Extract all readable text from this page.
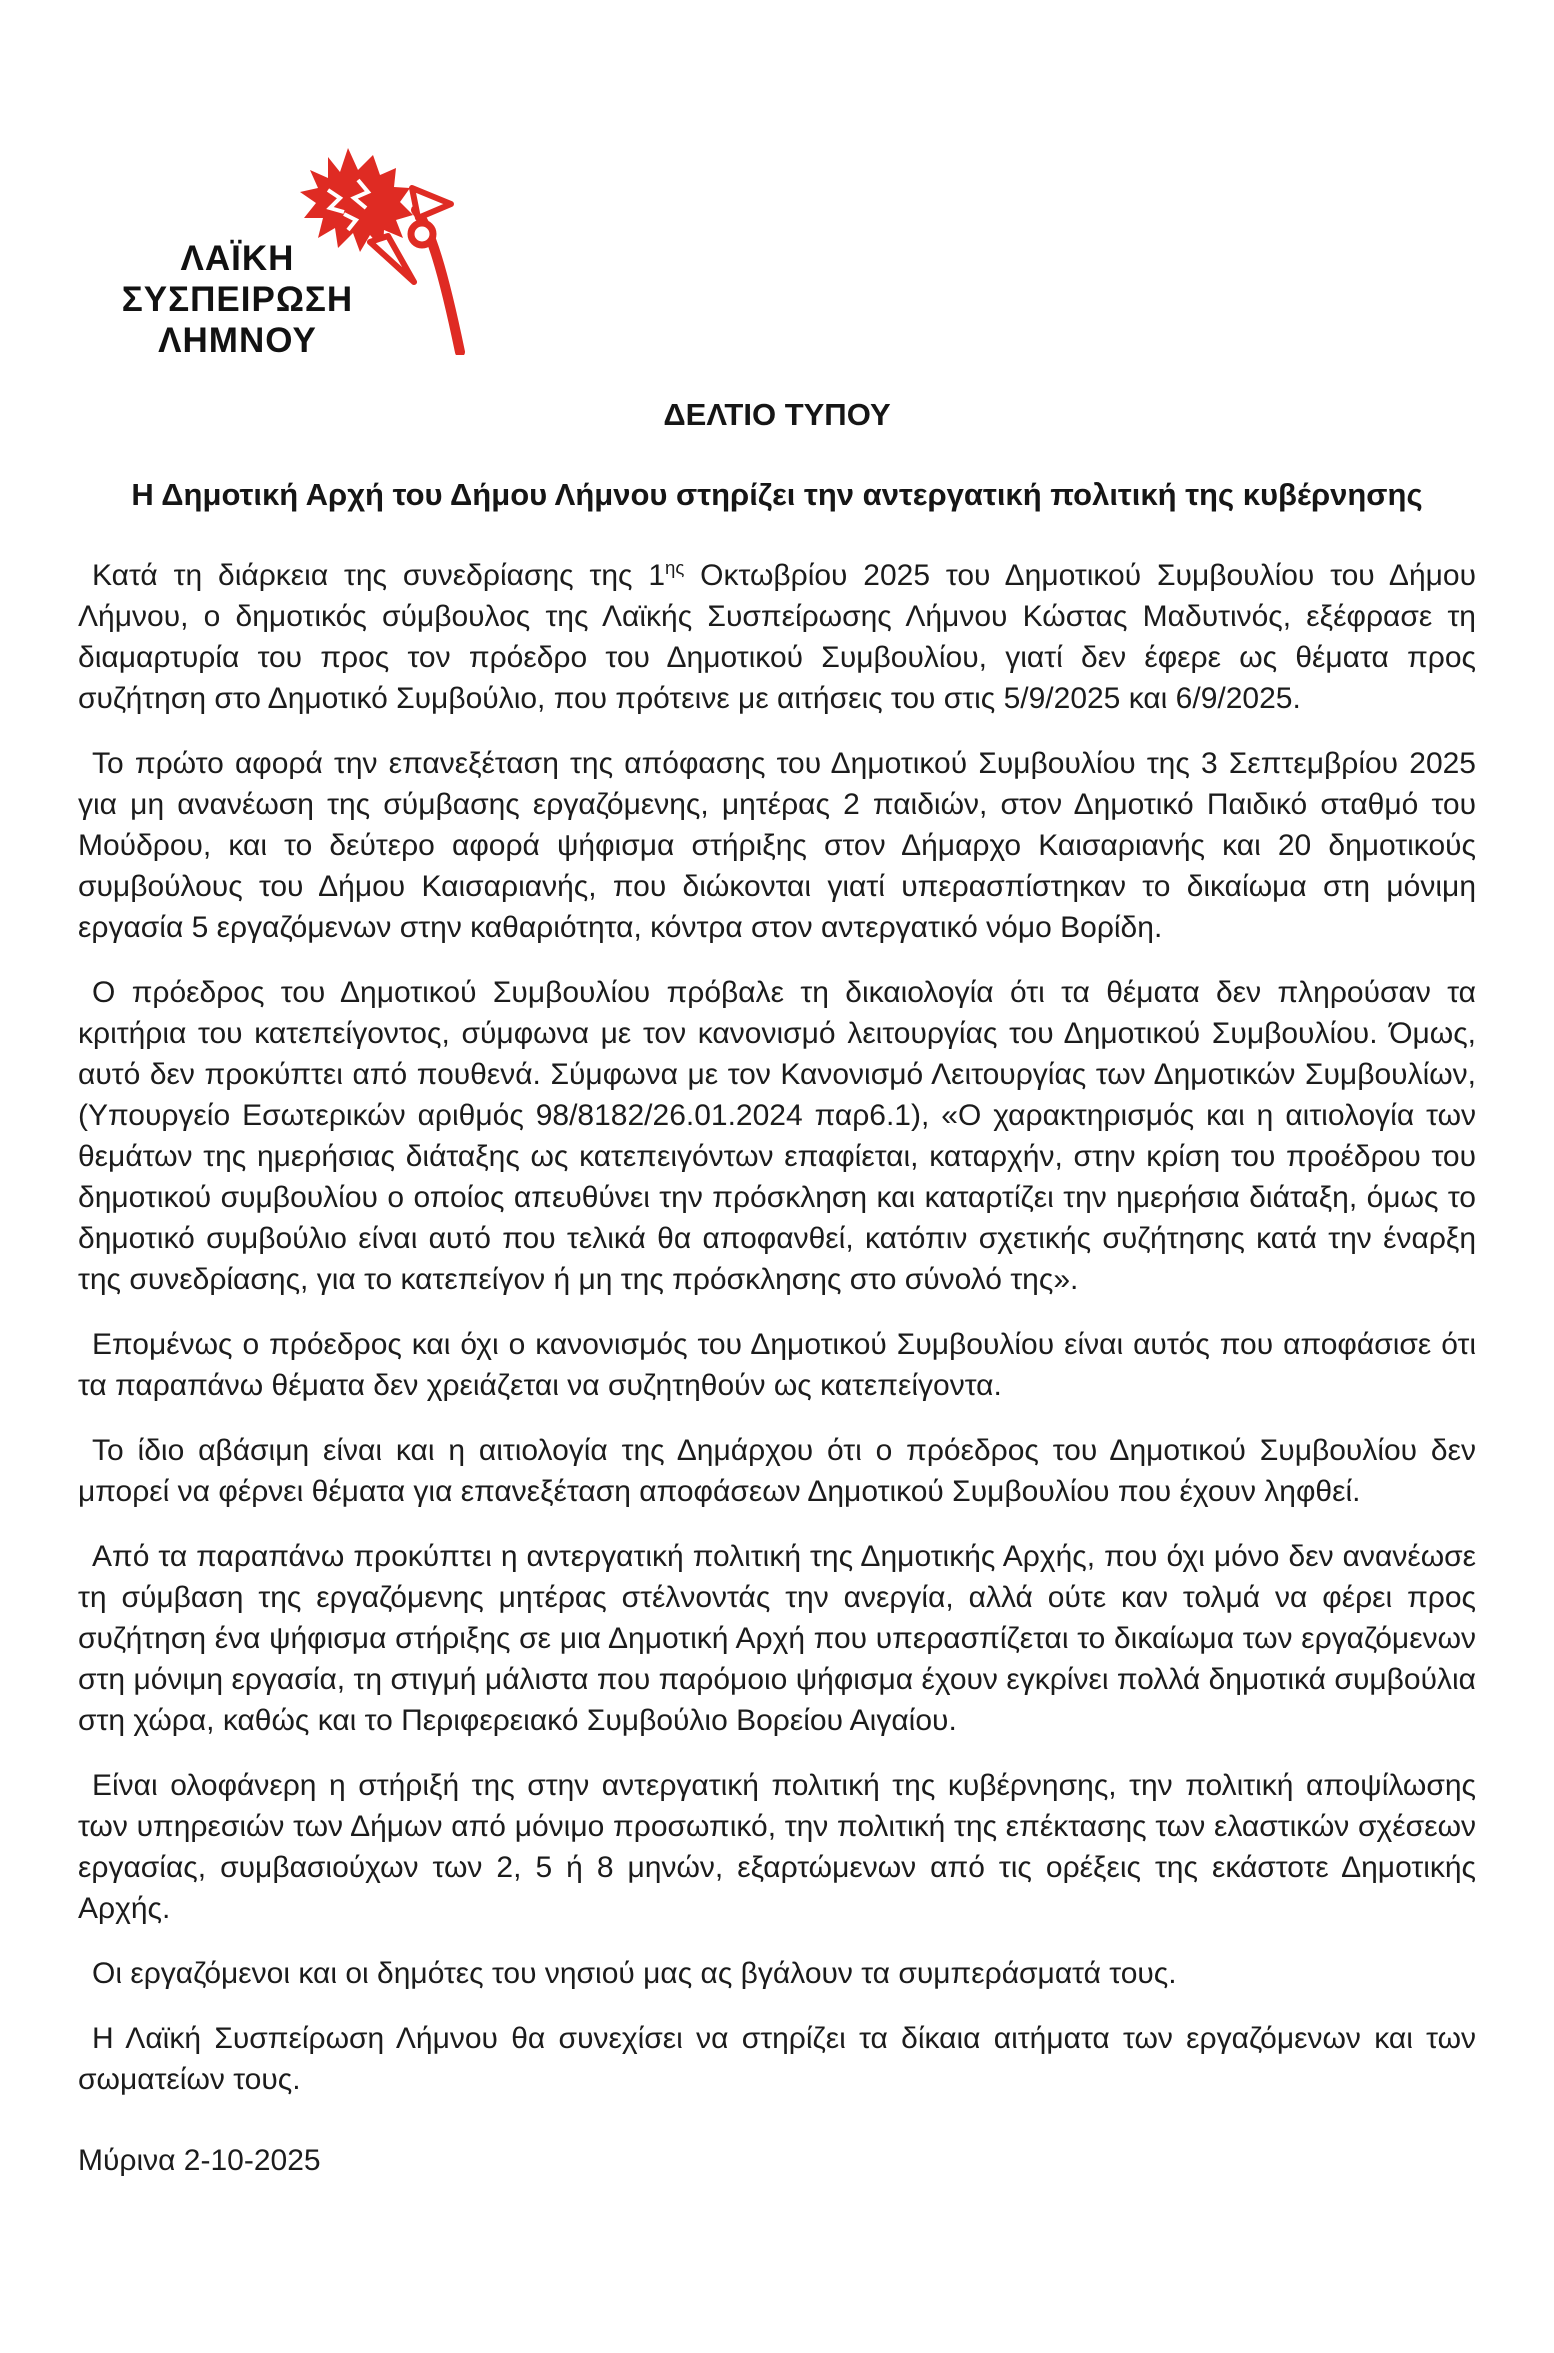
ΛΑΪΚΗ
ΣΥΣΠΕΙΡΩΣΗ
ΛΗΜΝΟΥ
ΔΕΛΤΙΟ ΤΥΠΟΥ
Η Δημοτική Αρχή του Δήμου Λήμνου στηρίζει την αντεργατική πολιτική της κυβέρνησης

Κατά τη διάρκεια της συνεδρίασης της $1^{\eta\varsigma}$ Οκτωβρίου 2025 του Δημοτικού Συμβουλίου του Δήμου Λήμνου, ο δημοτικός σύμβουλος της Λαϊκής Συσπείρωσης Λήμνου Κώστας Μαδυτινός, εξέφρασε τη διαμαρτυρία του προς τον πρόεδρο του Δημοτικού Συμβουλίου, γιατί δεν έφερε ως θέματα προς συζήτηση στο Δημοτικό Συμβούλιο, που πρότεινε με αιτήσεις του στις 5/9/2025 και 6/9/2025.

Το πρώτο αφορά την επανεξέταση της απόφασης του Δημοτικού Συμβουλίου της 3 Σεπτεμβρίου 2025 για μη ανανέωση της σύμβασης εργαζόμενης, μητέρας 2 παιδιών, στον Δημοτικό Παιδικό σταθμό του Μούδρου, και το δεύτερο αφορά ψήφισμα στήριξης στον Δήμαρχο Καισαριανής και 20 δημοτικούς συμβούλους του Δήμου Καισαριανής, που διώκονται γιατί υπερασπίστηκαν το δικαίωμα στη μόνιμη εργασία 5 εργαζόμενων στην καθαριότητα, κόντρα στον αντεργατικό νόμο Βορίδη.

Ο πρόεδρος του Δημοτικού Συμβουλίου πρόβαλε τη δικαιολογία ότι τα θέματα δεν πληρούσαν τα κριτήρια του κατεπείγοντος, σύμφωνα με τον κανονισμό λειτουργίας του Δημοτικού Συμβουλίου. Όμως, αυτό δεν προκύπτει από πουθενά. Σύμφωνα με τον Κανονισμό Λειτουργίας των Δημοτικών Συμβουλίων, (Υπουργείο Εσωτερικών αριθμός 98/8182/26.01.2024 παρ6.1), «Ο χαρακτηρισμός και η αιτιολογία των θεμάτων της ημερήσιας διάταξης ως κατεπειγόντων επαφίεται, καταρχήν, στην κρίση του προέδρου του δημοτικού συμβουλίου ο οποίος απευθύνει την πρόσκληση και καταρτίζει την ημερήσια διάταξη, όμως το δημοτικό συμβούλιο είναι αυτό που τελικά θα αποφανθεί, κατόπιν σχετικής συζήτησης κατά την έναρξη της συνεδρίασης, για το κατεπείγον ή μη της πρόσκλησης στο σύνολό της».

Επομένως ο πρόεδρος και όχι ο κανονισμός του Δημοτικού Συμβουλίου είναι αυτός που αποφάσισε ότι τα παραπάνω θέματα δεν χρειάζεται να συζητηθούν ως κατεπείγοντα.

Το ίδιο αβάσιμη είναι και η αιτιολογία της Δημάρχου ότι ο πρόεδρος του Δημοτικού Συμβουλίου δεν μπορεί να φέρνει θέματα για επανεξέταση αποφάσεων Δημοτικού Συμβουλίου που έχουν ληφθεί.

Από τα παραπάνω προκύπτει η αντεργατική πολιτική της Δημοτικής Αρχής, που όχι μόνο δεν ανανέωσε τη σύμβαση της εργαζόμενης μητέρας στέλνοντάς την ανεργία, αλλά ούτε καν τολμά να φέρει προς συζήτηση ένα ψήφισμα στήριξης σε μια Δημοτική Αρχή που υπερασπίζεται το δικαίωμα των εργαζόμενων στη μόνιμη εργασία, τη στιγμή μάλιστα που παρόμοιο ψήφισμα έχουν εγκρίνει πολλά δημοτικά συμβούλια στη χώρα, καθώς και το Περιφερειακό Συμβούλιο Βορείου Αιγαίου.

Είναι ολοφάνερη η στήριξή της στην αντεργατική πολιτική της κυβέρνησης, την πολιτική αποψίλωσης των υπηρεσιών των Δήμων από μόνιμο προσωπικό, την πολιτική της επέκτασης των ελαστικών σχέσεων εργασίας, συμβασιούχων των 2, 5 ή 8 μηνών, εξαρτώμενων από τις ορέξεις της εκάστοτε Δημοτικής Αρχής.

Οι εργαζόμενοι και οι δημότες του νησιού μας ας βγάλουν τα συμπεράσματά τους.

Η Λαϊκή Συσπείρωση Λήμνου θα συνεχίσει να στηρίζει τα δίκαια αιτήματα των εργαζόμενων και των σωματείων τους.

Μύρινα 2-10-2025
